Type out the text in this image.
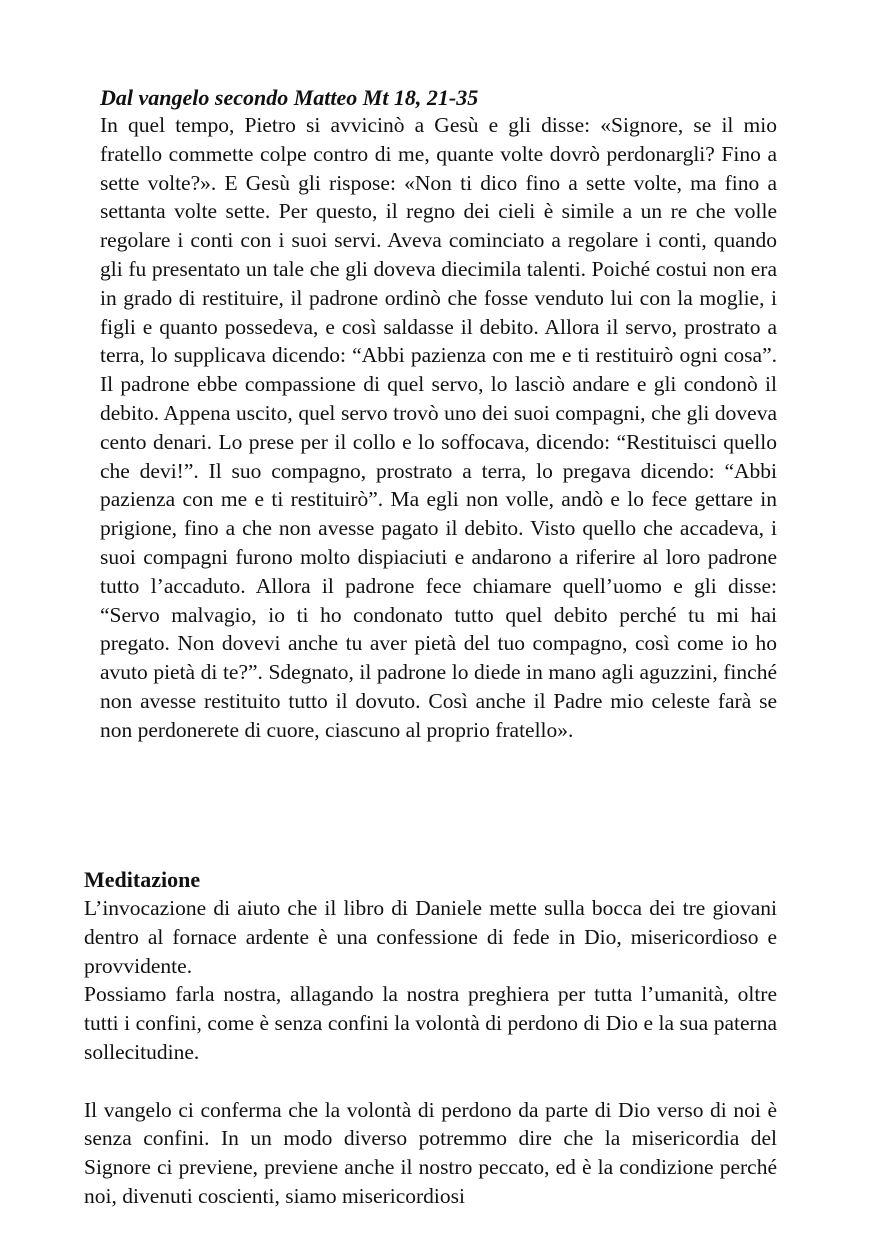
Dal vangelo secondo Matteo Mt 18, 21-35

In quel tempo, Pietro si avvicinò a Gesù e gli disse: «Signore, se il mio fratello commette colpe contro di me, quante volte dovrò perdonargli? Fino a sette volte?». E Gesù gli rispose: «Non ti dico fino a sette volte, ma fino a settanta volte sette. Per questo, il regno dei cieli è simile a un re che volle regolare i conti con i suoi servi. Aveva cominciato a regolare i conti, quando gli fu presentato un tale che gli doveva diecimila talenti. Poiché costui non era in grado di restituire, il padrone ordinò che fosse venduto lui con la moglie, i figli e quanto possedeva, e così saldasse il debito. Allora il servo, prostrato a terra, lo supplicava dicendo: “Abbi pazienza con me e ti restituirò ogni cosa”. Il padrone ebbe compassione di quel servo, lo lasciò andare e gli condonò il debito. Appena uscito, quel servo trovò uno dei suoi compagni, che gli doveva cento denari. Lo prese per il collo e lo soffocava, dicendo: “Restituisci quello che devi!”. Il suo compagno, prostrato a terra, lo pregava dicendo: “Abbi pazienza con me e ti restituirò”. Ma egli non volle, andò e lo fece gettare in prigione, fino a che non avesse pagato il debito. Visto quello che accadeva, i suoi compagni furono molto dispiaciuti e andarono a riferire al loro padrone tutto l’accaduto. Allora il padrone fece chiamare quell’uomo e gli disse: “Servo malvagio, io ti ho condonato tutto quel debito perché tu mi hai pregato. Non dovevi anche tu aver pietà del tuo compagno, così come io ho avuto pietà di te?”. Sdegnato, il padrone lo diede in mano agli aguzzini, finché non avesse restituito tutto il dovuto. Così anche il Padre mio celeste farà se non perdonerete di cuore, ciascuno al proprio fratello».

Meditazione

L’invocazione di aiuto che il libro di Daniele mette sulla bocca dei tre giovani dentro al fornace ardente è una confessione di fede in Dio, misericordioso e provvidente.

Possiamo farla nostra, allagando la nostra preghiera per tutta l’umanità, oltre tutti i confini, come è senza confini la volontà di perdono di Dio e la sua paterna sollecitudine.

Il vangelo ci conferma che la volontà di perdono da parte di Dio verso di noi è senza confini. In un modo diverso potremmo dire che la misericordia del Signore ci previene, previene anche il nostro peccato, ed è la condizione perché noi, divenuti coscienti, siamo misericordiosi
